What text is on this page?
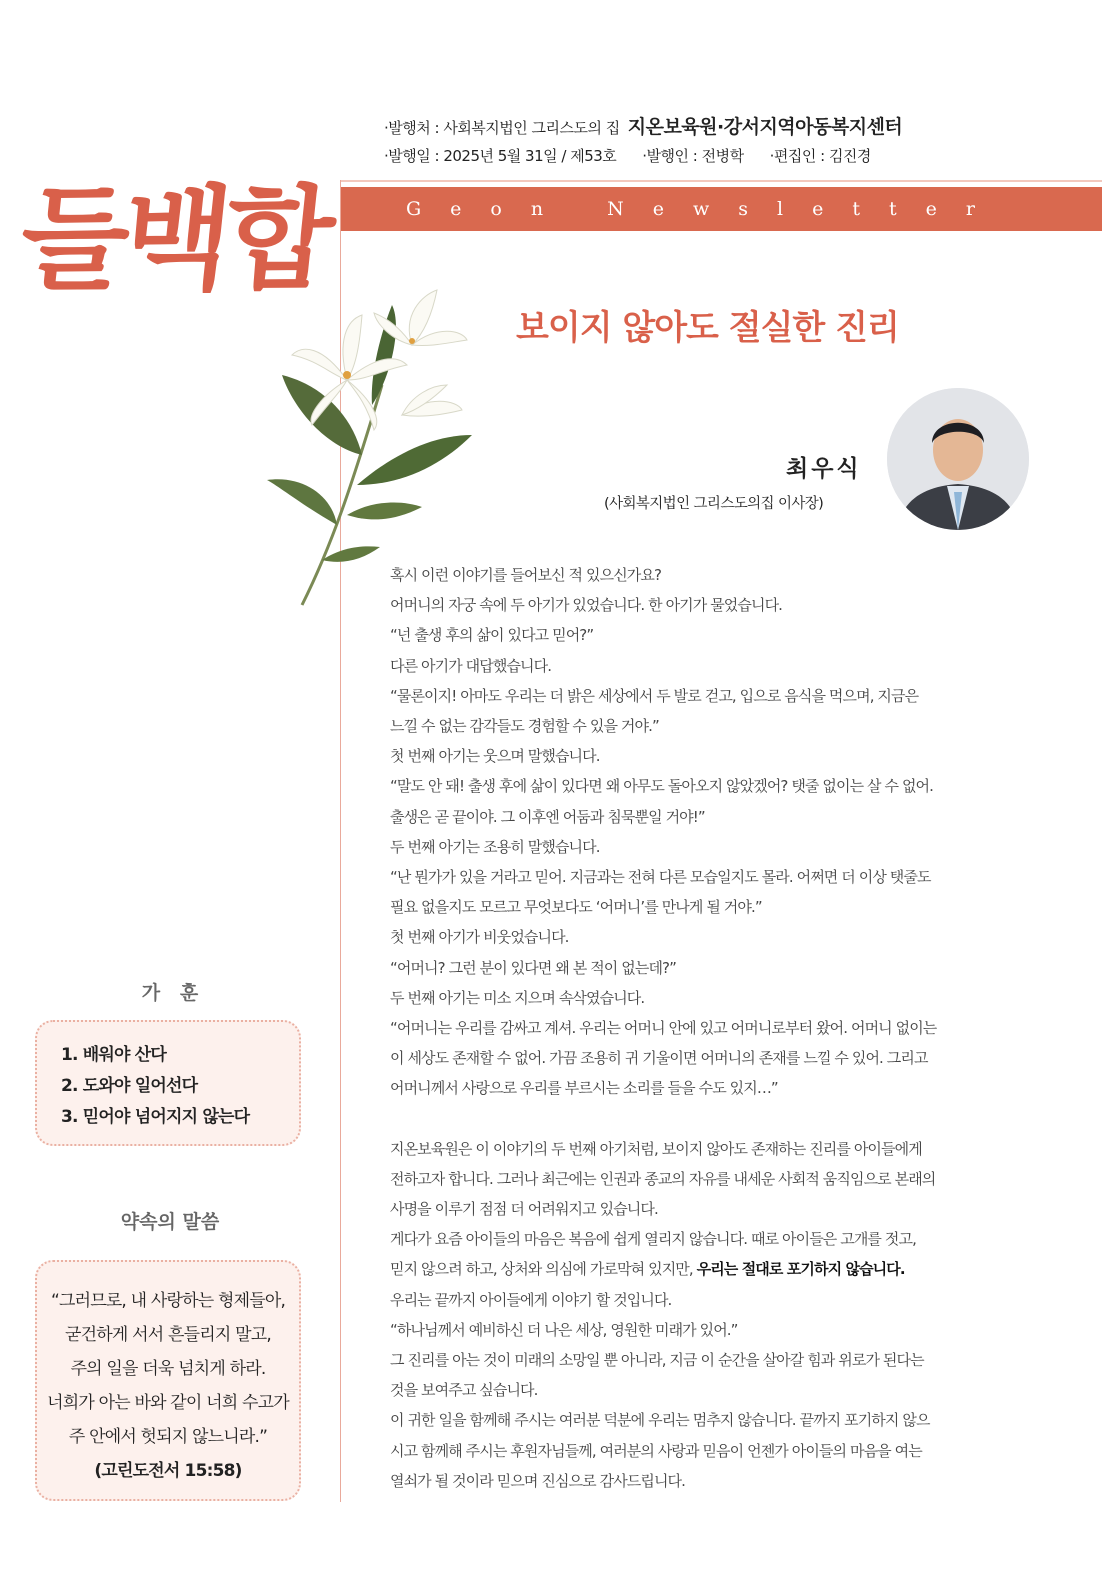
·발행처 : 사회복지법인 그리스도의 집 지온보육원·강서지역아동복지센터
·발행일 : 2025년 5월 31일 / 제53호 ·발행인 : 전병학 ·편집인 : 김진경
Geon Newsletter
들백합
보이지 않아도 절실한 진리
최우식
(사회복지법인 그리스도의집 이사장)
혹시 이런 이야기를 들어보신 적 있으신가요?
어머니의 자궁 속에 두 아기가 있었습니다. 한 아기가 물었습니다.
“넌 출생 후의 삶이 있다고 믿어?”
다른 아기가 대답했습니다.
“물론이지! 아마도 우리는 더 밝은 세상에서 두 발로 걷고, 입으로 음식을 먹으며, 지금은
느낄 수 없는 감각들도 경험할 수 있을 거야.”
첫 번째 아기는 웃으며 말했습니다.
“말도 안 돼! 출생 후에 삶이 있다면 왜 아무도 돌아오지 않았겠어? 탯줄 없이는 살 수 없어.
출생은 곧 끝이야. 그 이후엔 어둠과 침묵뿐일 거야!”
두 번째 아기는 조용히 말했습니다.
“난 뭔가가 있을 거라고 믿어. 지금과는 전혀 다른 모습일지도 몰라. 어쩌면 더 이상 탯줄도
필요 없을지도 모르고 무엇보다도 ‘어머니’를 만나게 될 거야.”
첫 번째 아기가 비웃었습니다.
“어머니? 그런 분이 있다면 왜 본 적이 없는데?”
두 번째 아기는 미소 지으며 속삭였습니다.
“어머니는 우리를 감싸고 계셔. 우리는 어머니 안에 있고 어머니로부터 왔어. 어머니 없이는
이 세상도 존재할 수 없어. 가끔 조용히 귀 기울이면 어머니의 존재를 느낄 수 있어. 그리고
어머니께서 사랑으로 우리를 부르시는 소리를 들을 수도 있지…”
지온보육원은 이 이야기의 두 번째 아기처럼, 보이지 않아도 존재하는 진리를 아이들에게
전하고자 합니다. 그러나 최근에는 인권과 종교의 자유를 내세운 사회적 움직임으로 본래의
사명을 이루기 점점 더 어려워지고 있습니다.
게다가 요즘 아이들의 마음은 복음에 쉽게 열리지 않습니다. 때로 아이들은 고개를 젓고,
믿지 않으려 하고, 상처와 의심에 가로막혀 있지만, 우리는 절대로 포기하지 않습니다.
우리는 끝까지 아이들에게 이야기 할 것입니다.
“하나님께서 예비하신 더 나은 세상, 영원한 미래가 있어.”
그 진리를 아는 것이 미래의 소망일 뿐 아니라, 지금 이 순간을 살아갈 힘과 위로가 된다는
것을 보여주고 싶습니다.
이 귀한 일을 함께해 주시는 여러분 덕분에 우리는 멈추지 않습니다. 끝까지 포기하지 않으
시고 함께해 주시는 후원자님들께, 여러분의 사랑과 믿음이 언젠가 아이들의 마음을 여는
열쇠가 될 것이라 믿으며 진심으로 감사드립니다.
가   훈
1. 배워야 산다
2. 도와야 일어선다
3. 믿어야 넘어지지 않는다
약속의 말씀
“그러므로, 내 사랑하는 형제들아,
굳건하게 서서 흔들리지 말고,
주의 일을 더욱 넘치게 하라.
너희가 아는 바와 같이 너희 수고가
주 안에서 헛되지 않느니라.”
(고린도전서 15:58)
